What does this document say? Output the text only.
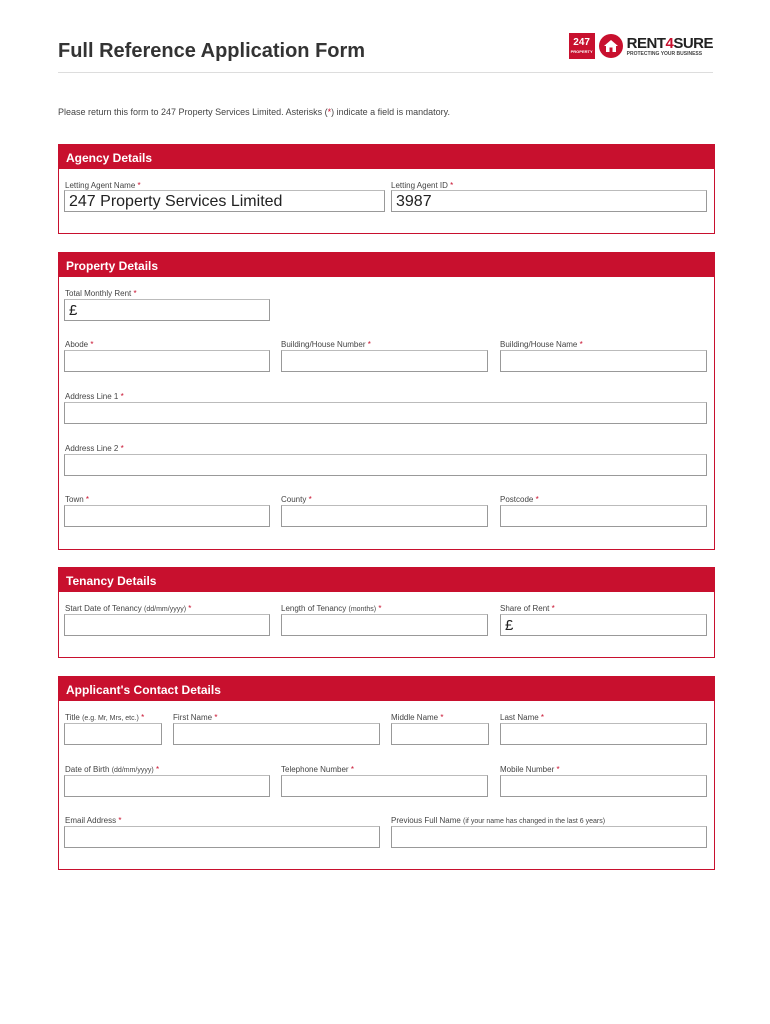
Full Reference Application Form	247
PROPERTY RENT4SURE
PROTECTING YOUR BUSINESS
Please return this form to 247 Property Services Limited. Asterisks (*) indicate a field is mandatory.
Agency Details
Letting Agent Name *
247 Property Services Limited
Letting Agent ID *
3987
Property Details
Total Monthly Rent *
£
Abode *	Building/House Number *	Building/House Name *
Address Line 1 *
Address Line 2 *
Town *	County *	Postcode *
Tenancy Details
Start Date of Tenancy (dd/mm/yyyy) *	Length of Tenancy (months) *	Share of Rent *
£
Applicant's Contact Details
Title (e.g. Mr, Mrs, etc.) *	First Name *	Middle Name *	Last Name *
Date of Birth (dd/mm/yyyy) *	Telephone Number *	Mobile Number *
Email Address *	Previous Full Name (if your name has changed in the last 6 years)
